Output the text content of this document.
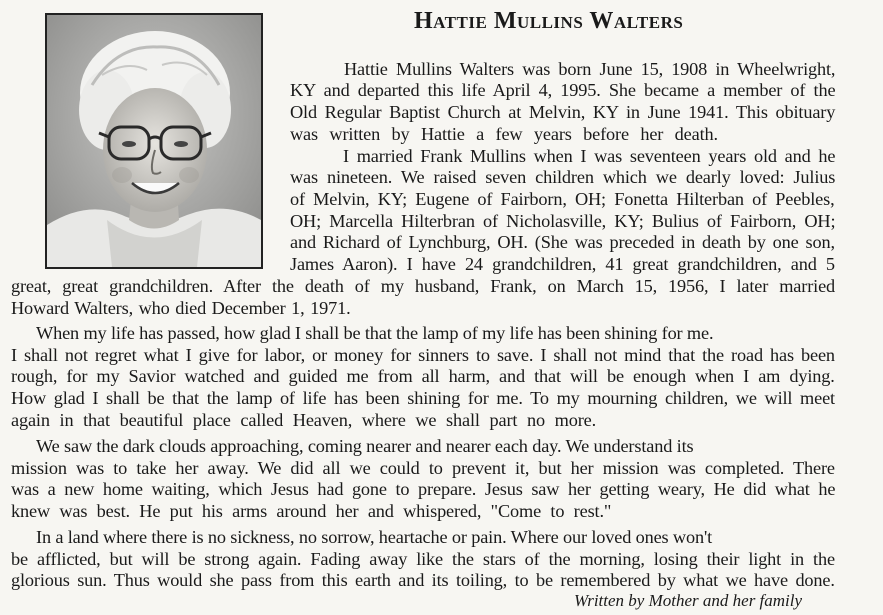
Hattie Mullins Walters
Hattie Mullins Walters was born June 15, 1908 in Wheelwright,
KY and departed this life April 4, 1995. She became a member of the
Old Regular Baptist Church at Melvin, KY in June 1941. This obituary
was written by Hattie a few years before her death.
I married Frank Mullins when I was seventeen years old and he
was nineteen. We raised seven children which we dearly loved: Julius
of Melvin, KY; Eugene of Fairborn, OH; Fonetta Hilterban of Peebles,
OH; Marcella Hilterbran of Nicholasville, KY; Bulius of Fairborn, OH;
and Richard of Lynchburg, OH. (She was preceded in death by one son,
James Aaron). I have 24 grandchildren, 41 great grandchildren, and 5
great, great grandchildren. After the death of my husband, Frank, on March 15, 1956, I later married
Howard Walters, who died December 1, 1971.
When my life has passed, how glad I shall be that the lamp of my life has been shining for me.
I shall not regret what I give for labor, or money for sinners to save. I shall not mind that the road has been
rough, for my Savior watched and guided me from all harm, and that will be enough when I am dying.
How glad I shall be that the lamp of life has been shining for me. To my mourning children, we will meet
again in that beautiful place called Heaven, where we shall part no more.
We saw the dark clouds approaching, coming nearer and nearer each day. We understand its
mission was to take her away. We did all we could to prevent it, but her mission was completed. There
was a new home waiting, which Jesus had gone to prepare. Jesus saw her getting weary, He did what he
knew was best. He put his arms around her and whispered, "Come to rest."
In a land where there is no sickness, no sorrow, heartache or pain. Where our loved ones won't
be afflicted, but will be strong again. Fading away like the stars of the morning, losing their light in the
glorious sun. Thus would she pass from this earth and its toiling, to be remembered by what we have done.
Written by Mother and her family
